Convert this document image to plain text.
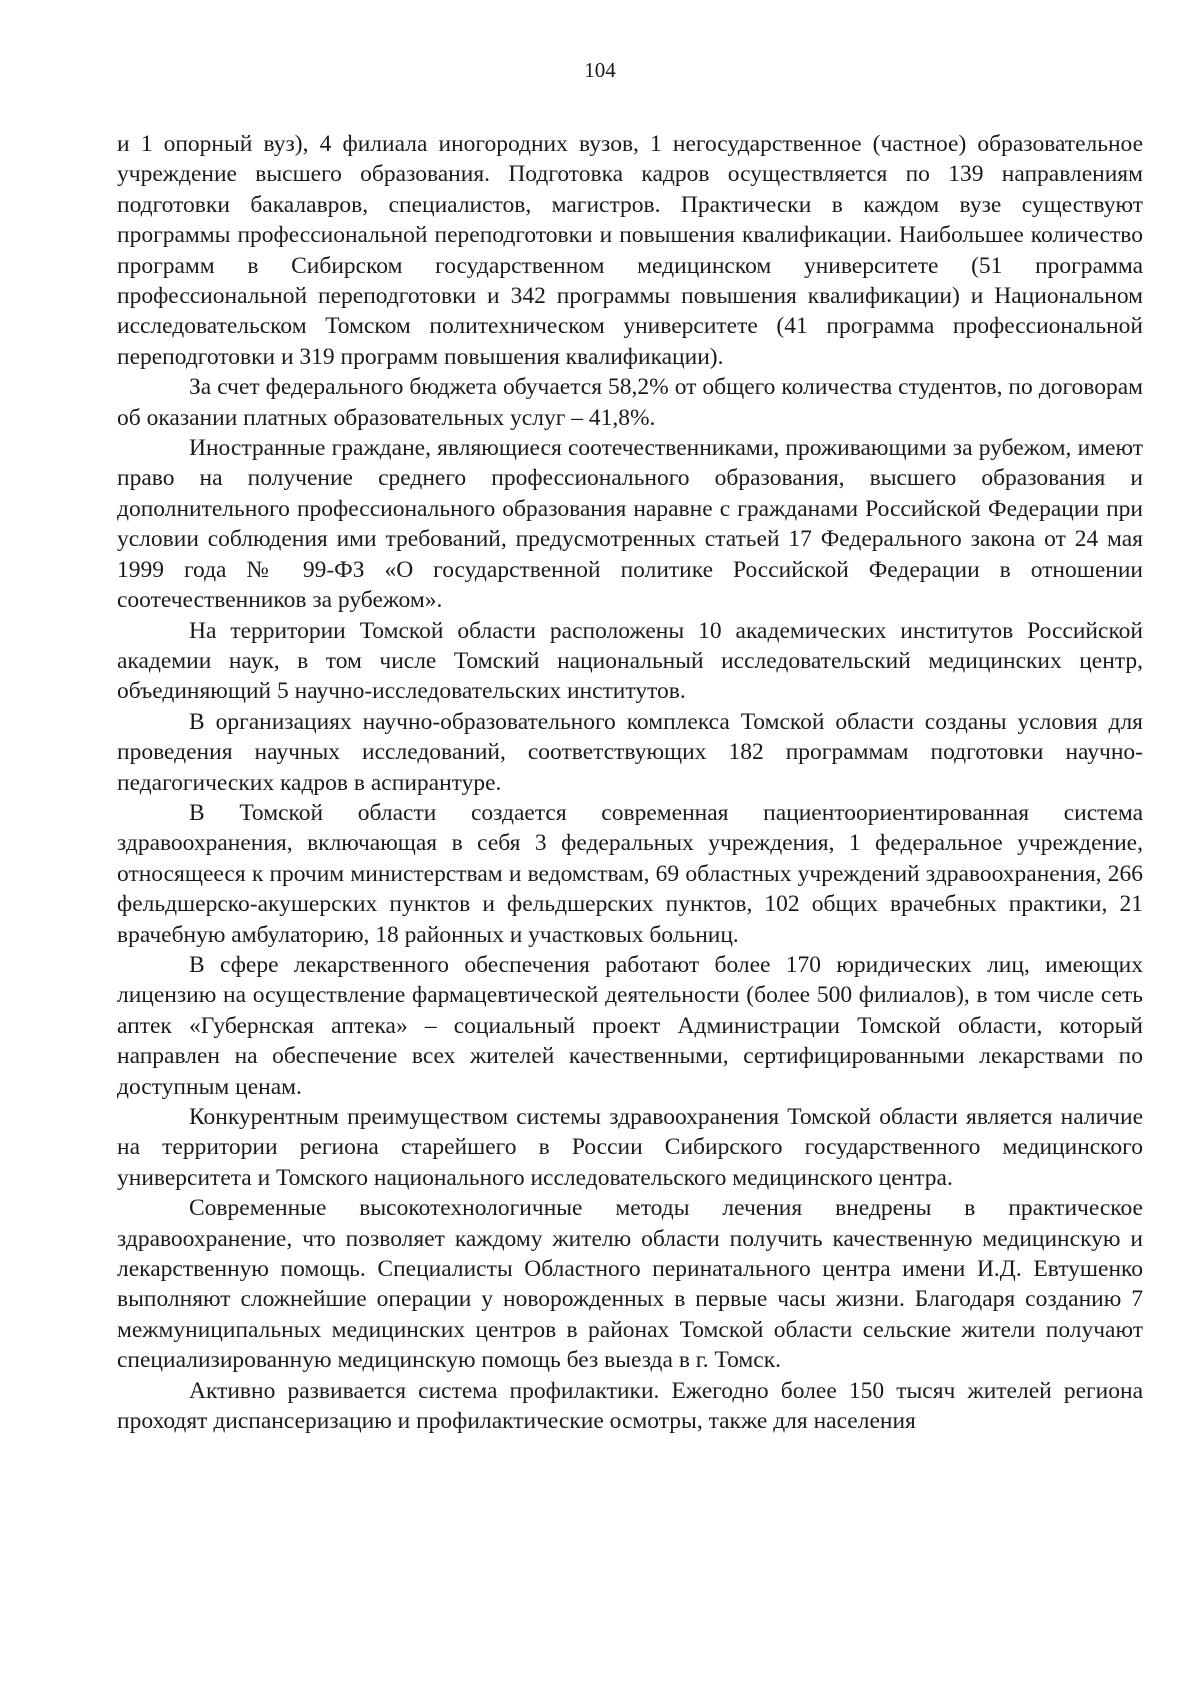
104

и 1 опорный вуз), 4 филиала иногородних вузов, 1 негосударственное (частное) образовательное учреждение высшего образования. Подготовка кадров осуществляется по 139 направлениям подготовки бакалавров, специалистов, магистров. Практически в каждом вузе существуют программы профессиональной переподготовки и повышения квалификации. Наибольшее количество программ в Сибирском государственном медицинском университете (51 программа профессиональной переподготовки и 342 программы повышения квалификации) и Национальном исследовательском Томском политехническом университете (41 программа профессиональной переподготовки и 319 программ повышения квалификации).

За счет федерального бюджета обучается 58,2% от общего количества студентов, по договорам об оказании платных образовательных услуг – 41,8%.

Иностранные граждане, являющиеся соотечественниками, проживающими за рубежом, имеют право на получение среднего профессионального образования, высшего образования и дополнительного профессионального образования наравне с гражданами Российской Федерации при условии соблюдения ими требований, предусмотренных статьей 17 Федерального закона от 24 мая 1999 года № 99-ФЗ «О государственной политике Российской Федерации в отношении соотечественников за рубежом».

На территории Томской области расположены 10 академических институтов Российской академии наук, в том числе Томский национальный исследовательский медицинских центр, объединяющий 5 научно-исследовательских институтов.

В организациях научно-образовательного комплекса Томской области созданы условия для проведения научных исследований, соответствующих 182 программам подготовки научно-педагогических кадров в аспирантуре.

В Томской области создается современная пациентоориентированная система здравоохранения, включающая в себя 3 федеральных учреждения, 1 федеральное учреждение, относящееся к прочим министерствам и ведомствам, 69 областных учреждений здравоохранения, 266 фельдшерско-акушерских пунктов и фельдшерских пунктов, 102 общих врачебных практики, 21 врачебную амбулаторию, 18 районных и участковых больниц.

В сфере лекарственного обеспечения работают более 170 юридических лиц, имеющих лицензию на осуществление фармацевтической деятельности (более 500 филиалов), в том числе сеть аптек «Губернская аптека» – социальный проект Администрации Томской области, который направлен на обеспечение всех жителей качественными, сертифицированными лекарствами по доступным ценам.

Конкурентным преимуществом системы здравоохранения Томской области является наличие на территории региона старейшего в России Сибирского государственного медицинского университета и Томского национального исследовательского медицинского центра.

Современные высокотехнологичные методы лечения внедрены в практическое здравоохранение, что позволяет каждому жителю области получить качественную медицинскую и лекарственную помощь. Специалисты Областного перинатального центра имени И.Д. Евтушенко выполняют сложнейшие операции у новорожденных в первые часы жизни. Благодаря созданию 7 межмуниципальных медицинских центров в районах Томской области сельские жители получают специализированную медицинскую помощь без выезда в г. Томск.

Активно развивается система профилактики. Ежегодно более 150 тысяч жителей региона проходят диспансеризацию и профилактические осмотры, также для населения
